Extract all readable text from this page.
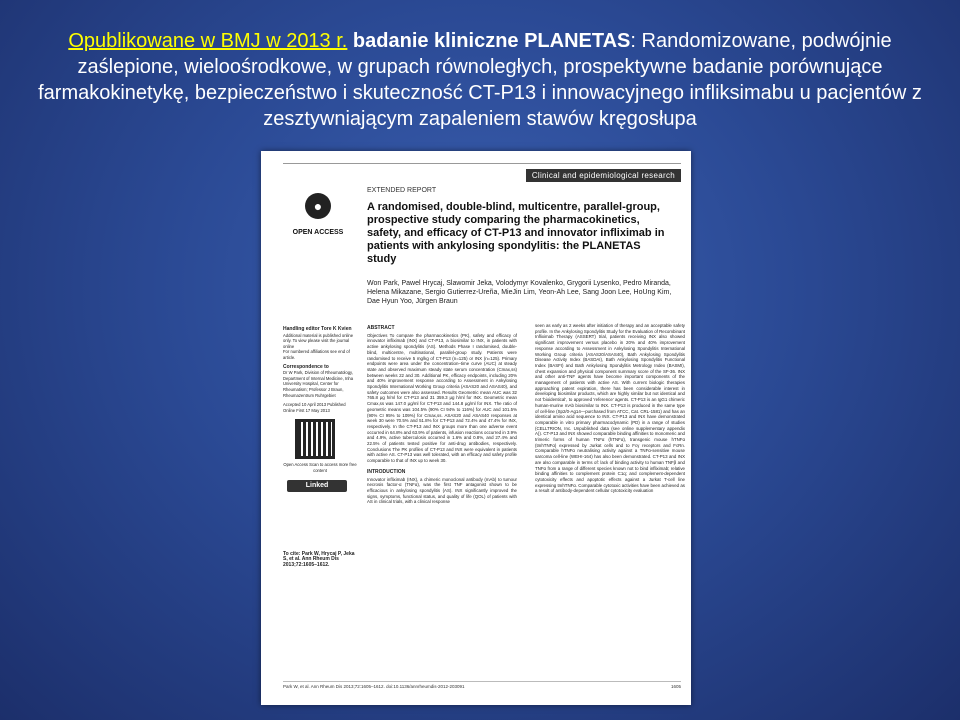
Opublikowane w BMJ w 2013 r. badanie kliniczne PLANETAS: Randomizowane, podwójnie zaślepione, wieloośrodkowe, w grupach równoległych, prospektywne badanie porównujące farmakokinetykę, bezpieczeństwo i skuteczność CT-P13 i innowacyjnego infliksimabu u pacjentów z zesztywniającym zapaleniem stawów kręgosłupa
Clinical and epidemiological research
EXTENDED REPORT
●
OPEN ACCESS
A randomised, double-blind, multicentre, parallel-group, prospective study comparing the pharmacokinetics, safety, and efficacy of CT-P13 and innovator infliximab in patients with ankylosing spondylitis: the PLANETAS study
Won Park, Pawel Hrycaj, Slawomir Jeka, Volodymyr Kovalenko, Grygorii Lysenko, Pedro Miranda, Helena Mikazane, Sergio Gutierrez-Ureña, MieJin Lim, Yeon-Ah Lee, Sang Joon Lee, HoUng Kim, Dae Hyun Yoo, Jürgen Braun
Handling editor Tore K Kvien
Additional material is published online only. To view please visit the journal online
For numbered affiliations see end of article.
Correspondence to
Dr W Park, Division of Rheumatology, Department of Internal Medicine, Inha University Hospital, Center for Rheumatism; Professor J Braun, Rheumazentrum Ruhrgebiet
Accepted 10 April 2013 Published Online First 17 May 2013
Open Access Scan to access more free content
Linked
To cite: Park W, Hrycaj P, Jeka S, et al. Ann Rheum Dis 2013;72:1605–1612.
ABSTRACT
Objectives To compare the pharmacokinetics (PK), safety and efficacy of innovator infliximab (INX) and CT-P13, a biosimilar to INX, in patients with active ankylosing spondylitis (AS). Methods Phase I randomised, double-blind, multicentre, multinational, parallel-group study. Patients were randomised to receive 5 mg/kg of CT-P13 (n=125) or INX (n=125). Primary endpoints were area under the concentration–time curve (AUC) at steady state and observed maximum steady state serum concentration (Cmax,ss) between weeks 22 and 30. Additional PK, efficacy endpoints, including 20% and 40% improvement response according to Assessment in Ankylosing Spondylitis International Working Group criteria (ASAS20 and ASAS40), and safety outcomes were also assessed. Results Geometric mean AUC was 32 765.8 μg h/ml for CT-P13 and 31 359.3 μg h/ml for INX. Geometric mean Cmax,ss was 147.0 μg/ml for CT-P13 and 144.8 μg/ml for INX. The ratio of geometric means was 104.5% (90% CI 94% to 116%) for AUC and 101.5% (90% CI 95% to 109%) for Cmax,ss. ASAS20 and ASAS40 responses at week 30 were 70.5% and 51.8% for CT-P13 and 72.4% and 47.4% for INX, respectively. In the CT-P13 and INX groups more than one adverse event occurred in 64.8% and 63.9% of patients, infusion reactions occurred in 3.9% and 4.9%, active tuberculosis occurred in 1.6% and 0.8%, and 27.4% and 22.5% of patients tested positive for anti-drug antibodies, respectively. Conclusions The PK profiles of CT-P13 and INX were equivalent in patients with active AS. CT-P13 was well tolerated, with an efficacy and safety profile comparable to that of INX up to week 30.
INTRODUCTION
Innovator infliximab (INX), a chimeric monoclonal antibody (mAb) to tumour necrosis factor-α (TNFα), was the first TNF antagonist shown to be efficacious in ankylosing spondylitis (AS). INX significantly improved the signs, symptoms, functional status, and quality of life (QOL) of patients with AS in clinical trials, with a clinical response
seen as early as 2 weeks after initiation of therapy and an acceptable safety profile. In the Ankylosing Spondylitis Study for the Evaluation of Recombinant Infliximab Therapy (ASSERT) trial, patients receiving INX also showed significant improvement versus placebo in 20% and 40% improvement response according to Assessment in Ankylosing Spondylitis International Working Group criteria (ASAS20/ASAS40), Bath Ankylosing Spondylitis Disease Activity Index (BASDAI), Bath Ankylosing Spondylitis Functional Index (BASFI) and Bath Ankylosing Spondylitis Metrology Index (BASMI), chest expansion and physical component summary score of the SF-36. INX and other anti-TNF agents have become important components of the management of patients with active AS. With current biologic therapies approaching patent expiration, there has been considerable interest in developing biosimilar products, which are highly similar but not identical and not 'bioidentical', to approved 'reference' agents. CT-P13 is an IgG1 chimeric human-murine mAb biosimilar to INX. CT-P13 is produced in the same type of cell-line (Sp2/0-Ag14—purchased from ATCC, Cat. CRL-1581) and has an identical amino acid sequence to INX. CT-P13 and INX have demonstrated comparable in vitro primary pharmacodynamic (PD) in a range of studies (CELLTRION, Inc. Unpublished data (see online supplementary appendix A)). CT-P13 and INX showed comparable binding affinities to monomeric and trimeric forms of human TNFα (hTNFα), transgenic mouse hTNFα (tmhTNFα) expressed by Jurkat cells and to Fcγ receptors and FcRn. Comparable hTNFα neutralising activity against a TNFα-sensitive mouse sarcoma cell-line (WEHI-164) has also been demonstrated. CT-P13 and INX are also comparable in terms of: lack of binding activity to human TNFβ and TNFα from a range of different species known not to bind infliximab; relative binding affinities to complement protein C1q; and complement-dependent cytotoxicity effects and apoptotic effects against a Jurkat T-cell line expressing tmhTNFα. Comparable cytotoxic activities have been achieved as a result of antibody-dependent cellular cytotoxicity evaluation
Park W, et al. Ann Rheum Dis 2013;72:1605–1612. doi:10.1136/annrheumdis-2012-203091	1605
